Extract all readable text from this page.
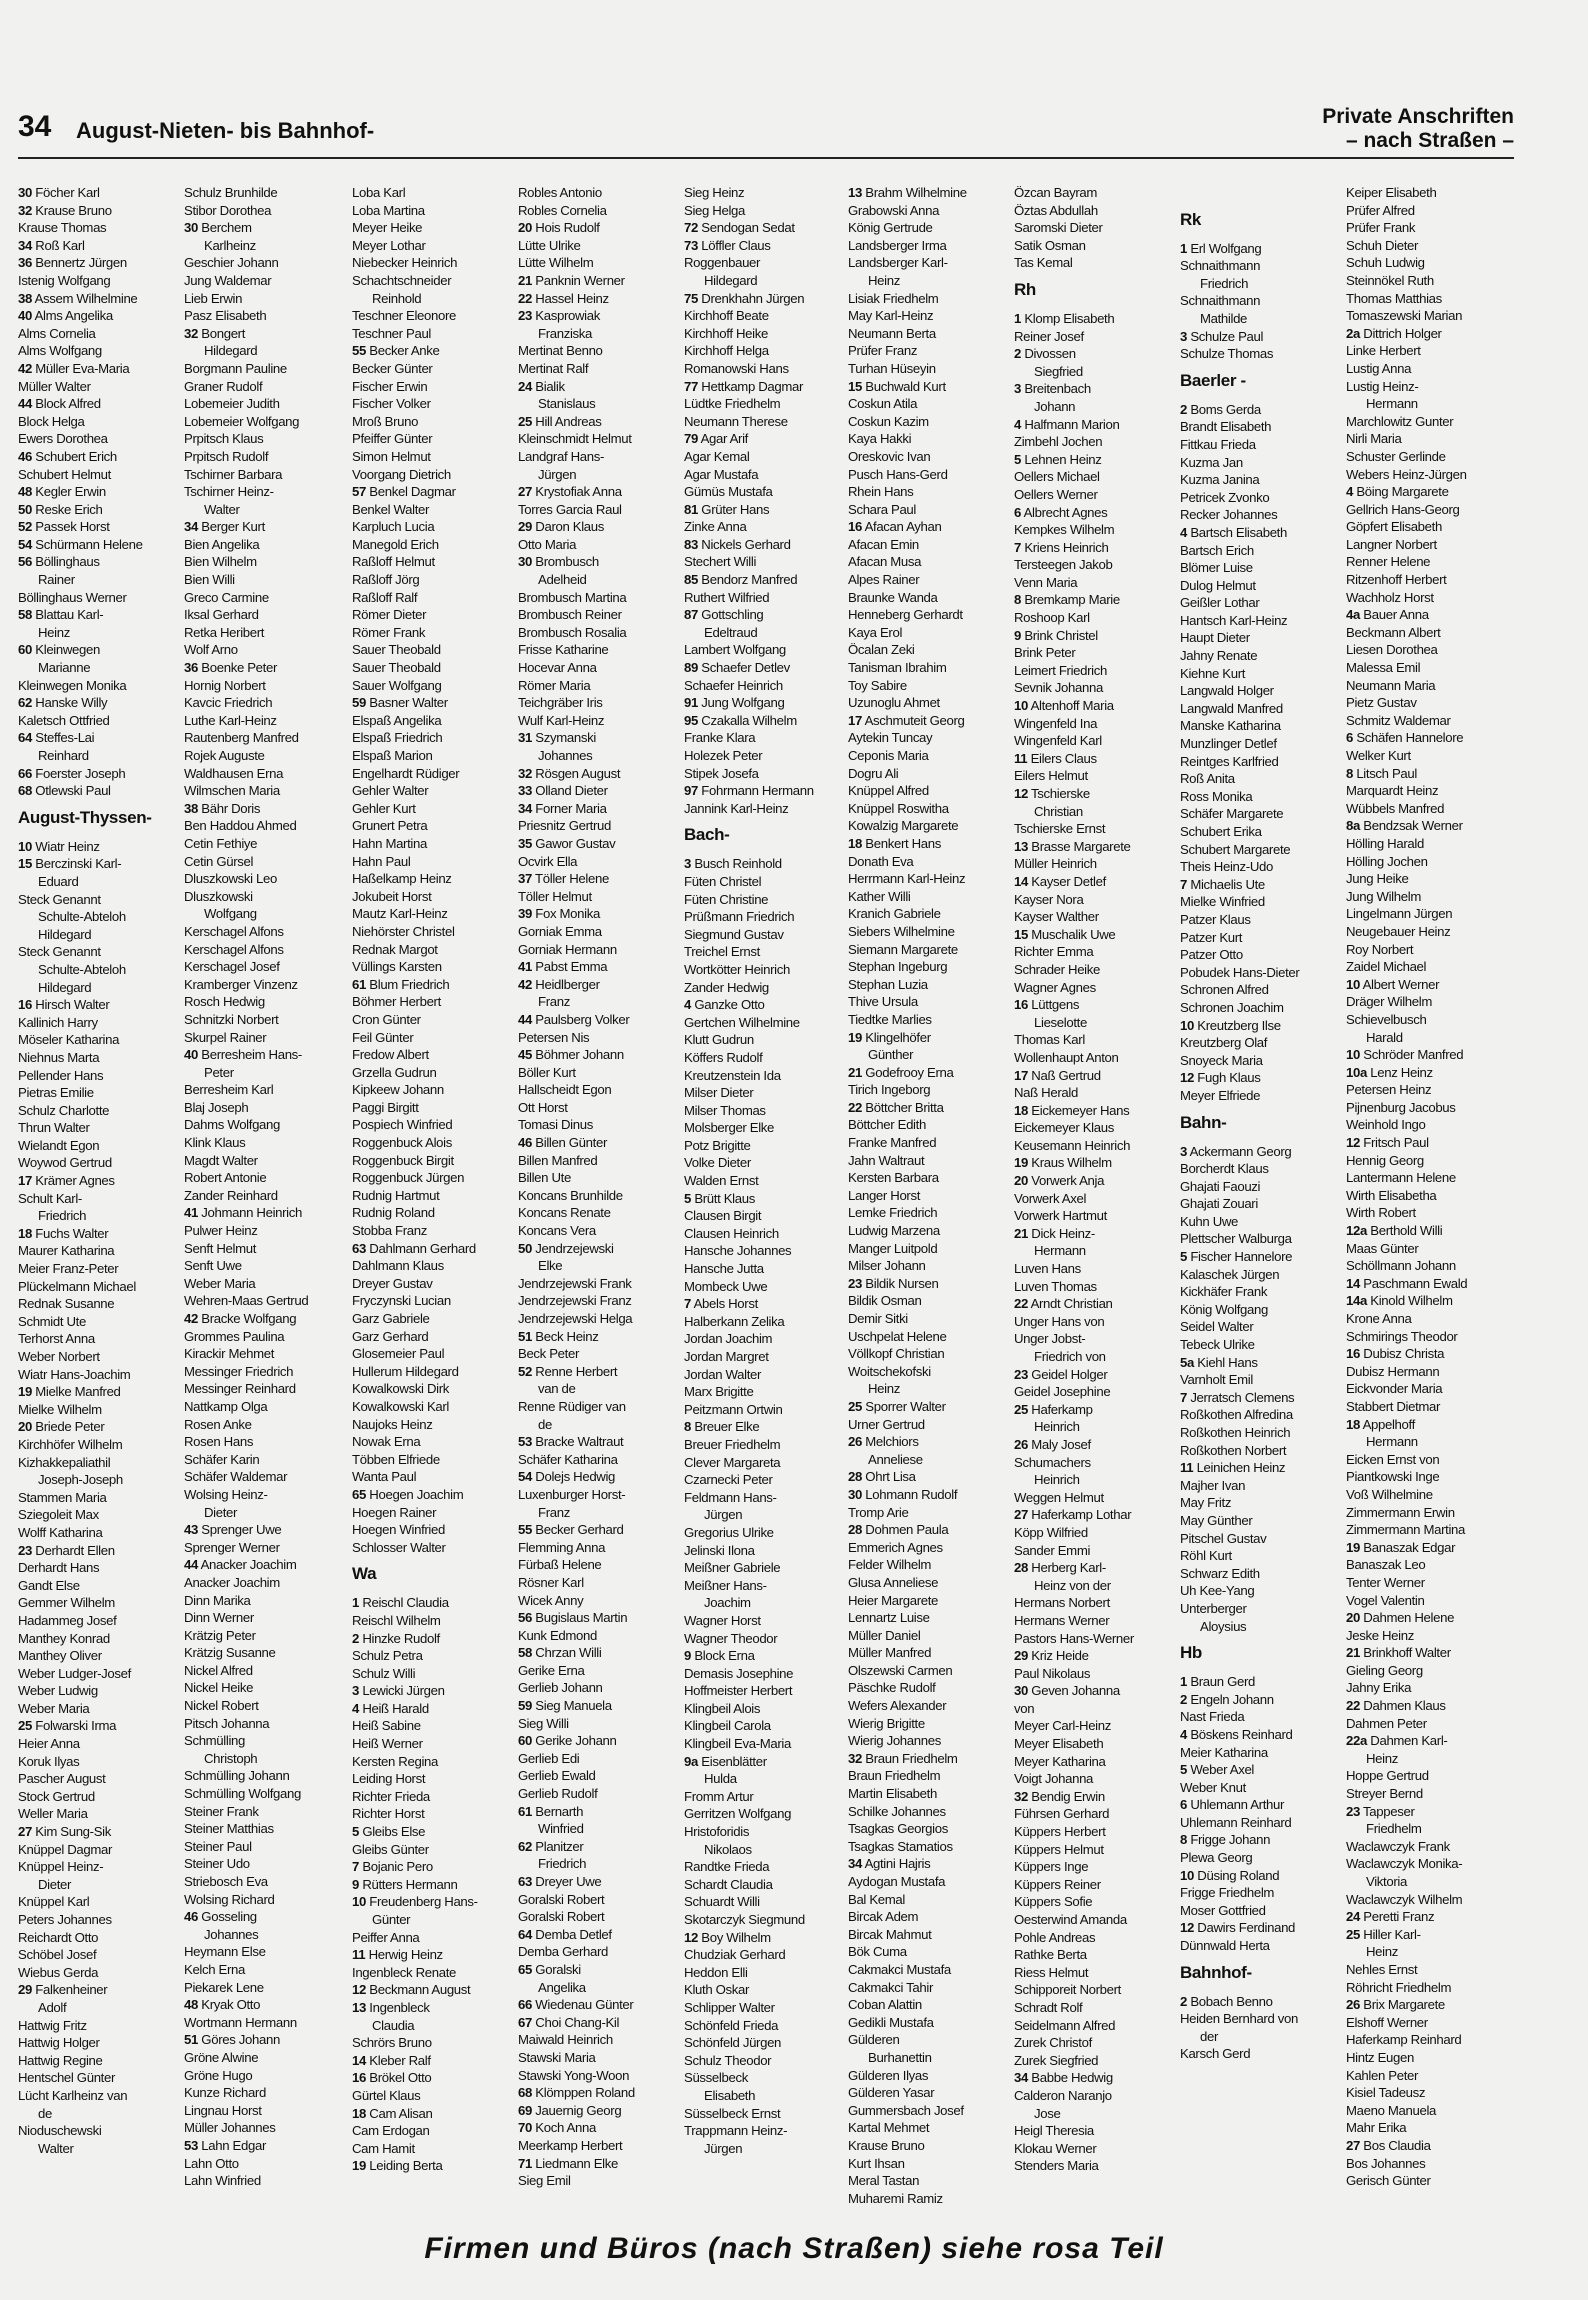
34 August-Nieten- bis Bahnhof-
Private Anschriften
– nach Straßen –
30 Föcher Karl
32 Krause Bruno
Krause Thomas
34 Roß Karl
36 Bennertz Jürgen
Istenig Wolfgang
38 Assem Wilhelmine
40 Alms Angelika
Alms Cornelia
Alms Wolfgang
42 Müller Eva-Maria
Müller Walter
44 Block Alfred
Block Helga
Ewers Dorothea
46 Schubert Erich
Schubert Helmut
48 Kegler Erwin
50 Reske Erich
52 Passek Horst
54 Schürmann Helene
56 Böllinghaus
Rainer
Böllinghaus Werner
58 Blattau Karl-
Heinz
60 Kleinwegen
Marianne
Kleinwegen Monika
62 Hanske Willy
Kaletsch Ottfried
64 Steffes-Lai
Reinhard
66 Foerster Joseph
68 Otlewski Paul
August-Thyssen-
10 Wiatr Heinz
15 Berczinski Karl-
Eduard
Steck Genannt
Schulte-Abteloh
Hildegard
Steck Genannt
Schulte-Abteloh
Hildegard
16 Hirsch Walter
Kallinich Harry
Möseler Katharina
Niehnus Marta
Pellender Hans
Pietras Emilie
Schulz Charlotte
Thrun Walter
Wielandt Egon
Woywod Gertrud
17 Krämer Agnes
Schult Karl-
Friedrich
18 Fuchs Walter
Maurer Katharina
Meier Franz-Peter
Plückelmann Michael
Rednak Susanne
Schmidt Ute
Terhorst Anna
Weber Norbert
Wiatr Hans-Joachim
19 Mielke Manfred
Mielke Wilhelm
20 Briede Peter
Kirchhöfer Wilhelm
Kizhakkepaliathil
Joseph-Joseph
Stammen Maria
Sziegoleit Max
Wolff Katharina
23 Derhardt Ellen
Derhardt Hans
Gandt Else
Gemmer Wilhelm
Hadammeg Josef
Manthey Konrad
Manthey Oliver
Weber Ludger-Josef
Weber Ludwig
Weber Maria
25 Folwarski Irma
Heier Anna
Koruk Ilyas
Pascher August
Stock Gertrud
Weller Maria
27 Kim Sung-Sik
Knüppel Dagmar
Knüppel Heinz-
Dieter
Knüppel Karl
Peters Johannes
Reichardt Otto
Schöbel Josef
Wiebus Gerda
29 Falkenheiner
Adolf
Hattwig Fritz
Hattwig Holger
Hattwig Regine
Hentschel Günter
Lücht Karlheinz van
de
Nioduschewski
Walter
Schulz Brunhilde
Stibor Dorothea
30 Berchem
Karlheinz
Geschier Johann
Jung Waldemar
Lieb Erwin
Pasz Elisabeth
32 Bongert
Hildegard
Borgmann Pauline
Graner Rudolf
Lobemeier Judith
Lobemeier Wolfgang
Prpitsch Klaus
Prpitsch Rudolf
Tschirner Barbara
Tschirner Heinz-
Walter
34 Berger Kurt
Bien Angelika
Bien Wilhelm
Bien Willi
Greco Carmine
Iksal Gerhard
Retka Heribert
Wolf Arno
36 Boenke Peter
Hornig Norbert
Kavcic Friedrich
Luthe Karl-Heinz
Rautenberg Manfred
Rojek Auguste
Waldhausen Erna
Wilmschen Maria
38 Bähr Doris
Ben Haddou Ahmed
Cetin Fethiye
Cetin Gürsel
Dluszkowski Leo
Dluszkowski
Wolfgang
Kerschagel Alfons
Kerschagel Alfons
Kerschagel Josef
Kramberger Vinzenz
Rosch Hedwig
Schnitzki Norbert
Skurpel Rainer
40 Berresheim Hans-
Peter
Berresheim Karl
Blaj Joseph
Dahms Wolfgang
Klink Klaus
Magdt Walter
Robert Antonie
Zander Reinhard
41 Johmann Heinrich
Pulwer Heinz
Senft Helmut
Senft Uwe
Weber Maria
Wehren-Maas Gertrud
42 Bracke Wolfgang
Grommes Paulina
Kirackir Mehmet
Messinger Friedrich
Messinger Reinhard
Nattkamp Olga
Rosen Anke
Rosen Hans
Schäfer Karin
Schäfer Waldemar
Wolsing Heinz-
Dieter
43 Sprenger Uwe
Sprenger Werner
44 Anacker Joachim
Anacker Joachim
Dinn Marika
Dinn Werner
Krätzig Peter
Krätzig Susanne
Nickel Alfred
Nickel Heike
Nickel Robert
Pitsch Johanna
Schmülling
Christoph
Schmülling Johann
Schmülling Wolfgang
Steiner Frank
Steiner Matthias
Steiner Paul
Steiner Udo
Striebosch Eva
Wolsing Richard
46 Gosseling
Johannes
Heymann Else
Kelch Erna
Piekarek Lene
48 Kryak Otto
Wortmann Hermann
51 Göres Johann
Gröne Alwine
Gröne Hugo
Kunze Richard
Lingnau Horst
Müller Johannes
53 Lahn Edgar
Lahn Otto
Lahn Winfried
Loba Karl
Loba Martina
Meyer Heike
Meyer Lothar
Niebecker Heinrich
Schachtschneider
Reinhold
Teschner Eleonore
Teschner Paul
55 Becker Anke
Becker Günter
Fischer Erwin
Fischer Volker
Mroß Bruno
Pfeiffer Günter
Simon Helmut
Voorgang Dietrich
57 Benkel Dagmar
Benkel Walter
Karpluch Lucia
Manegold Erich
Raßloff Helmut
Raßloff Jörg
Raßloff Ralf
Römer Dieter
Römer Frank
Sauer Theobald
Sauer Theobald
Sauer Wolfgang
59 Basner Walter
Elspaß Angelika
Elspaß Friedrich
Elspaß Marion
Engelhardt Rüdiger
Gehler Walter
Gehler Kurt
Grunert Petra
Hahn Martina
Hahn Paul
Haßelkamp Heinz
Jokubeit Horst
Mautz Karl-Heinz
Niehörster Christel
Rednak Margot
Vüllings Karsten
61 Blum Friedrich
Böhmer Herbert
Cron Günter
Feil Günter
Fredow Albert
Grzella Gudrun
Kipkeew Johann
Paggi Birgitt
Pospiech Winfried
Roggenbuck Alois
Roggenbuck Birgit
Roggenbuck Jürgen
Rudnig Hartmut
Rudnig Roland
Stobba Franz
63 Dahlmann Gerhard
Dahlmann Klaus
Dreyer Gustav
Fryczynski Lucian
Garz Gabriele
Garz Gerhard
Glosemeier Paul
Hullerum Hildegard
Kowalkowski Dirk
Kowalkowski Karl
Naujoks Heinz
Nowak Erna
Többen Elfriede
Wanta Paul
65 Hoegen Joachim
Hoegen Rainer
Hoegen Winfried
Schlosser Walter
Wa
1 Reischl Claudia
Reischl Wilhelm
2 Hinzke Rudolf
Schulz Petra
Schulz Willi
3 Lewicki Jürgen
4 Heiß Harald
Heiß Sabine
Heiß Werner
Kersten Regina
Leiding Horst
Richter Frieda
Richter Horst
5 Gleibs Else
Gleibs Günter
7 Bojanic Pero
9 Rütters Hermann
10 Freudenberg Hans-
Günter
Peiffer Anna
11 Herwig Heinz
Ingenbleck Renate
12 Beckmann August
13 Ingenbleck
Claudia
Schrörs Bruno
14 Kleber Ralf
16 Brökel Otto
Gürtel Klaus
18 Cam Alisan
Cam Erdogan
Cam Hamit
19 Leiding Berta
Robles Antonio
Robles Cornelia
20 Hois Rudolf
Lütte Ulrike
Lütte Wilhelm
21 Panknin Werner
22 Hassel Heinz
23 Kasprowiak
Franziska
Mertinat Benno
Mertinat Ralf
24 Bialik
Stanislaus
25 Hill Andreas
Kleinschmidt Helmut
Landgraf Hans-
Jürgen
27 Krystofiak Anna
Torres Garcia Raul
29 Daron Klaus
Otto Maria
30 Brombusch
Adelheid
Brombusch Martina
Brombusch Reiner
Brombusch Rosalia
Frisse Katharine
Hocevar Anna
Römer Maria
Teichgräber Iris
Wulf Karl-Heinz
31 Szymanski
Johannes
32 Rösgen August
33 Olland Dieter
34 Forner Maria
Priesnitz Gertrud
35 Gawor Gustav
Ocvirk Ella
37 Töller Helene
Töller Helmut
39 Fox Monika
Gorniak Emma
Gorniak Hermann
41 Pabst Emma
42 Heidlberger
Franz
44 Paulsberg Volker
Petersen Nis
45 Böhmer Johann
Böller Kurt
Hallscheidt Egon
Ott Horst
Tomasi Dinus
46 Billen Günter
Billen Manfred
Billen Ute
Koncans Brunhilde
Koncans Renate
Koncans Vera
50 Jendrzejewski
Elke
Jendrzejewski Frank
Jendrzejewski Franz
Jendrzejewski Helga
51 Beck Heinz
Beck Peter
52 Renne Herbert
van de
Renne Rüdiger van
de
53 Bracke Waltraut
Schäfer Katharina
54 Dolejs Hedwig
Luxenburger Horst-
Franz
55 Becker Gerhard
Flemming Anna
Fürbaß Helene
Rösner Karl
Wicek Anny
56 Bugislaus Martin
Kunk Edmond
58 Chrzan Willi
Gerike Erna
Gerlieb Johann
59 Sieg Manuela
Sieg Willi
60 Gerike Johann
Gerlieb Edi
Gerlieb Ewald
Gerlieb Rudolf
61 Bernarth
Winfried
62 Planitzer
Friedrich
63 Dreyer Uwe
Goralski Robert
Goralski Robert
64 Demba Detlef
Demba Gerhard
65 Goralski
Angelika
66 Wiedenau Günter
67 Choi Chang-Kil
Maiwald Heinrich
Stawski Maria
Stawski Yong-Woon
68 Klömppen Roland
69 Jauernig Georg
70 Koch Anna
Meerkamp Herbert
71 Liedmann Elke
Sieg Emil
Sieg Heinz
Sieg Helga
72 Sendogan Sedat
73 Löffler Claus
Roggenbauer
Hildegard
75 Drenkhahn Jürgen
Kirchhoff Beate
Kirchhoff Heike
Kirchhoff Helga
Romanowski Hans
77 Hettkamp Dagmar
Lüdtke Friedhelm
Neumann Therese
79 Agar Arif
Agar Kemal
Agar Mustafa
Gümüs Mustafa
81 Grüter Hans
Zinke Anna
83 Nickels Gerhard
Stechert Willi
85 Bendorz Manfred
Ruthert Wilfried
87 Gottschling
Edeltraud
Lambert Wolfgang
89 Schaefer Detlev
Schaefer Heinrich
91 Jung Wolfgang
95 Czakalla Wilhelm
Franke Klara
Holezek Peter
Stipek Josefa
97 Fohrmann Hermann
Jannink Karl-Heinz
Bach-
3 Busch Reinhold
Füten Christel
Füten Christine
Prüßmann Friedrich
Siegmund Gustav
Treichel Ernst
Wortkötter Heinrich
Zander Hedwig
4 Ganzke Otto
Gertchen Wilhelmine
Klutt Gudrun
Köffers Rudolf
Kreutzenstein Ida
Milser Dieter
Milser Thomas
Molsberger Elke
Potz Brigitte
Volke Dieter
Walden Ernst
5 Brütt Klaus
Clausen Birgit
Clausen Heinrich
Hansche Johannes
Hansche Jutta
Mombeck Uwe
7 Abels Horst
Halberkann Zelika
Jordan Joachim
Jordan Margret
Jordan Walter
Marx Brigitte
Peitzmann Ortwin
8 Breuer Elke
Breuer Friedhelm
Clever Margareta
Czarnecki Peter
Feldmann Hans-
Jürgen
Gregorius Ulrike
Jelinski Ilona
Meißner Gabriele
Meißner Hans-
Joachim
Wagner Horst
Wagner Theodor
9 Block Erna
Demasis Josephine
Hoffmeister Herbert
Klingbeil Alois
Klingbeil Carola
Klingbeil Eva-Maria
9a Eisenblätter
Hulda
Fromm Artur
Gerritzen Wolfgang
Hristoforidis
Nikolaos
Randtke Frieda
Schardt Claudia
Schuardt Willi
Skotarczyk Siegmund
12 Boy Wilhelm
Chudziak Gerhard
Heddon Elli
Kluth Oskar
Schlipper Walter
Schönfeld Frieda
Schönfeld Jürgen
Schulz Theodor
Süsselbeck
Elisabeth
Süsselbeck Ernst
Trappmann Heinz-
Jürgen
13 Brahm Wilhelmine
Grabowski Anna
König Gertrude
Landsberger Irma
Landsberger Karl-
Heinz
Lisiak Friedhelm
May Karl-Heinz
Neumann Berta
Prüfer Franz
Turhan Hüseyin
15 Buchwald Kurt
Coskun Atila
Coskun Kazim
Kaya Hakki
Oreskovic Ivan
Pusch Hans-Gerd
Rhein Hans
Schara Paul
16 Afacan Ayhan
Afacan Emin
Afacan Musa
Alpes Rainer
Braunke Wanda
Henneberg Gerhardt
Kaya Erol
Öcalan Zeki
Tanisman Ibrahim
Toy Sabire
Uzunoglu Ahmet
17 Aschmuteit Georg
Aytekin Tuncay
Ceponis Maria
Dogru Ali
Knüppel Alfred
Knüppel Roswitha
Kowalzig Margarete
18 Benkert Hans
Donath Eva
Herrmann Karl-Heinz
Kather Willi
Kranich Gabriele
Siebers Wilhelmine
Siemann Margarete
Stephan Ingeburg
Stephan Luzia
Thive Ursula
Tiedtke Marlies
19 Klingelhöfer
Günther
21 Godefrooy Erna
Tirich Ingeborg
22 Böttcher Britta
Böttcher Edith
Franke Manfred
Jahn Waltraut
Kersten Barbara
Langer Horst
Lemke Friedrich
Ludwig Marzena
Manger Luitpold
Milser Johann
23 Bildik Nursen
Bildik Osman
Demir Sitki
Uschpelat Helene
Völlkopf Christian
Woitschekofski
Heinz
25 Sporrer Walter
Urner Gertrud
26 Melchiors
Anneliese
28 Ohrt Lisa
30 Lohmann Rudolf
Tromp Arie
28 Dohmen Paula
Emmerich Agnes
Felder Wilhelm
Glusa Anneliese
Heier Margarete
Lennartz Luise
Müller Daniel
Müller Manfred
Olszewski Carmen
Päschke Rudolf
Wefers Alexander
Wierig Brigitte
Wierig Johannes
32 Braun Friedhelm
Braun Friedhelm
Martin Elisabeth
Schilke Johannes
Tsagkas Georgios
Tsagkas Stamatios
34 Agtini Hajris
Aydogan Mustafa
Bal Kemal
Bircak Adem
Bircak Mahmut
Bök Cuma
Cakmakci Mustafa
Cakmakci Tahir
Coban Alattin
Gedikli Mustafa
Gülderen
Burhanettin
Gülderen Ilyas
Gülderen Yasar
Gummersbach Josef
Kartal Mehmet
Krause Bruno
Kurt Ihsan
Meral Tastan
Muharemi Ramiz
Özcan Bayram
Öztas Abdullah
Saromski Dieter
Satik Osman
Tas Kemal
Rh
1 Klomp Elisabeth
Reiner Josef
2 Divossen
Siegfried
3 Breitenbach
Johann
4 Halfmann Marion
Zimbehl Jochen
5 Lehnen Heinz
Oellers Michael
Oellers Werner
6 Albrecht Agnes
Kempkes Wilhelm
7 Kriens Heinrich
Tersteegen Jakob
Venn Maria
8 Bremkamp Marie
Roshoop Karl
9 Brink Christel
Brink Peter
Leimert Friedrich
Sevnik Johanna
10 Altenhoff Maria
Wingenfeld Ina
Wingenfeld Karl
11 Eilers Claus
Eilers Helmut
12 Tschierske
Christian
Tschierske Ernst
13 Brasse Margarete
Müller Heinrich
14 Kayser Detlef
Kayser Nora
Kayser Walther
15 Muschalik Uwe
Richter Emma
Schrader Heike
Wagner Agnes
16 Lüttgens
Lieselotte
Thomas Karl
Wollenhaupt Anton
17 Naß Gertrud
Naß Herald
18 Eickemeyer Hans
Eickemeyer Klaus
Keusemann Heinrich
19 Kraus Wilhelm
20 Vorwerk Anja
Vorwerk Axel
Vorwerk Hartmut
21 Dick Heinz-
Hermann
Luven Hans
Luven Thomas
22 Arndt Christian
Unger Hans von
Unger Jobst-
Friedrich von
23 Geidel Holger
Geidel Josephine
25 Haferkamp
Heinrich
26 Maly Josef
Schumachers
Heinrich
Weggen Helmut
27 Haferkamp Lothar
Köpp Wilfried
Sander Emmi
28 Herberg Karl-
Heinz von der
Hermans Norbert
Hermans Werner
Pastors Hans-Werner
29 Kriz Heide
Paul Nikolaus
30 Geven Johanna
von
Meyer Carl-Heinz
Meyer Elisabeth
Meyer Katharina
Voigt Johanna
32 Bendig Erwin
Führsen Gerhard
Küppers Herbert
Küppers Helmut
Küppers Inge
Küppers Reiner
Küppers Sofie
Oesterwind Amanda
Pohle Andreas
Rathke Berta
Riess Helmut
Schipporeit Norbert
Schradt Rolf
Seidelmann Alfred
Zurek Christof
Zurek Siegfried
34 Babbe Hedwig
Calderon Naranjo
Jose
Heigl Theresia
Klokau Werner
Stenders Maria

Rk
1 Erl Wolfgang
Schnaithmann
Friedrich
Schnaithmann
Mathilde
3 Schulze Paul
Schulze Thomas
Baerler -
2 Boms Gerda
Brandt Elisabeth
Fittkau Frieda
Kuzma Jan
Kuzma Janina
Petricek Zvonko
Recker Johannes
4 Bartsch Elisabeth
Bartsch Erich
Blömer Luise
Dulog Helmut
Geißler Lothar
Hantsch Karl-Heinz
Haupt Dieter
Jahny Renate
Kiehne Kurt
Langwald Holger
Langwald Manfred
Manske Katharina
Munzlinger Detlef
Reintges Karlfried
Roß Anita
Ross Monika
Schäfer Margarete
Schubert Erika
Schubert Margarete
Theis Heinz-Udo
7 Michaelis Ute
Mielke Winfried
Patzer Klaus
Patzer Kurt
Patzer Otto
Pobudek Hans-Dieter
Schronen Alfred
Schronen Joachim
10 Kreutzberg Ilse
Kreutzberg Olaf
Snoyeck Maria
12 Fugh Klaus
Meyer Elfriede
Bahn-
3 Ackermann Georg
Borcherdt Klaus
Ghajati Faouzi
Ghajati Zouari
Kuhn Uwe
Plettscher Walburga
5 Fischer Hannelore
Kalaschek Jürgen
Kickhäfer Frank
König Wolfgang
Seidel Walter
Tebeck Ulrike
5a Kiehl Hans
Varnholt Emil
7 Jerratsch Clemens
Roßkothen Alfredina
Roßkothen Heinrich
Roßkothen Norbert
11 Leinichen Heinz
Majher Ivan
May Fritz
May Günther
Pitschel Gustav
Röhl Kurt
Schwarz Edith
Uh Kee-Yang
Unterberger
Aloysius
Hb
1 Braun Gerd
2 Engeln Johann
Nast Frieda
4 Böskens Reinhard
Meier Katharina
5 Weber Axel
Weber Knut
6 Uhlemann Arthur
Uhlemann Reinhard
8 Frigge Johann
Plewa Georg
10 Düsing Roland
Frigge Friedhelm
Moser Gottfried
12 Dawirs Ferdinand
Dünnwald Herta
Bahnhof-
2 Bobach Benno
Heiden Bernhard von
der
Karsch Gerd
Keiper Elisabeth
Prüfer Alfred
Prüfer Frank
Schuh Dieter
Schuh Ludwig
Steinnökel Ruth
Thomas Matthias
Tomaszewski Marian
2a Dittrich Holger
Linke Herbert
Lustig Anna
Lustig Heinz-
Hermann
Marchlowitz Gunter
Nirli Maria
Schuster Gerlinde
Webers Heinz-Jürgen
4 Böing Margarete
Gellrich Hans-Georg
Göpfert Elisabeth
Langner Norbert
Renner Helene
Ritzenhoff Herbert
Wachholz Horst
4a Bauer Anna
Beckmann Albert
Liesen Dorothea
Malessa Emil
Neumann Maria
Pietz Gustav
Schmitz Waldemar
6 Schäfen Hannelore
Welker Kurt
8 Litsch Paul
Marquardt Heinz
Wübbels Manfred
8a Bendzsak Werner
Hölling Harald
Hölling Jochen
Jung Heike
Jung Wilhelm
Lingelmann Jürgen
Neugebauer Heinz
Roy Norbert
Zaidel Michael
10 Albert Werner
Dräger Wilhelm
Schievelbusch
Harald
10 Schröder Manfred
10a Lenz Heinz
Petersen Heinz
Pijnenburg Jacobus
Weinhold Ingo
12 Fritsch Paul
Hennig Georg
Lantermann Helene
Wirth Elisabetha
Wirth Robert
12a Berthold Willi
Maas Günter
Schöllmann Johann
14 Paschmann Ewald
14a Kinold Wilhelm
Krone Anna
Schmirings Theodor
16 Dubisz Christa
Dubisz Hermann
Eickvonder Maria
Stabbert Dietmar
18 Appelhoff
Hermann
Eicken Ernst von
Piantkowski Inge
Voß Wilhelmine
Zimmermann Erwin
Zimmermann Martina
19 Banaszak Edgar
Banaszak Leo
Tenter Werner
Vogel Valentin
20 Dahmen Helene
Jeske Heinz
21 Brinkhoff Walter
Gieling Georg
Jahny Erika
22 Dahmen Klaus
Dahmen Peter
22a Dahmen Karl-
Heinz
Hoppe Gertrud
Streyer Bernd
23 Tappeser
Friedhelm
Waclawczyk Frank
Waclawczyk Monika-
Viktoria
Waclawczyk Wilhelm
24 Peretti Franz
25 Hiller Karl-
Heinz
Nehles Ernst
Röhricht Friedhelm
26 Brix Margarete
Elshoff Werner
Haferkamp Reinhard
Hintz Eugen
Kahlen Peter
Kisiel Tadeusz
Maeno Manuela
Mahr Erika
27 Bos Claudia
Bos Johannes
Gerisch Günter
Firmen und Büros (nach Straßen) siehe rosa Teil
